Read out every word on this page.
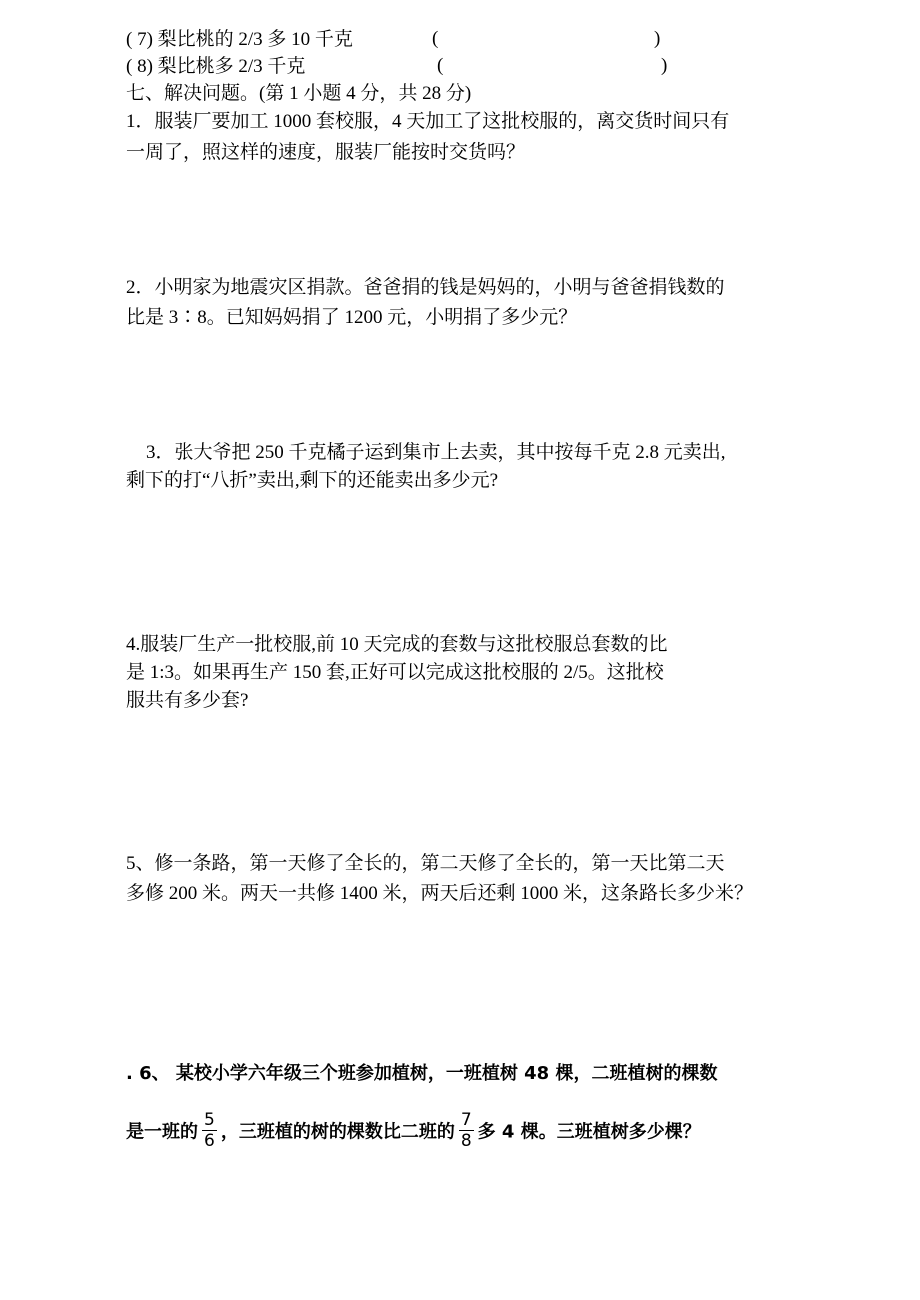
( 7) 梨比桃的 2/3 多 10 千克	(	)
( 8) 梨比桃多 2/3 千克	(	)
七、解决问题。(第 1 小题 4 分，共 28 分)
1．服装厂要加工 1000 套校服，4 天加工了这批校服的，离交货时间只有
一周了，照这样的速度，服装厂能按时交货吗？
2．小明家为地震灾区捐款。爸爸捐的钱是妈妈的，小明与爸爸捐钱数的
比是 3∶8。已知妈妈捐了 1200 元，小明捐了多少元？
3．张大爷把 250 千克橘子运到集市上去卖，其中按每千克 2.8 元卖出,
剩下的打“八折”卖出,剩下的还能卖出多少元?
4.服装厂生产一批校服,前 10 天完成的套数与这批校服总套数的比
是 1:3。如果再生产 150 套,正好可以完成这批校服的 2/5。这批校
服共有多少套?
5、修一条路，第一天修了全长的，第二天修了全长的，第一天比第二天
多修 200 米。两天一共修 1400 米，两天后还剩 1000 米，这条路长多少米？
. 6、 某校小学六年级三个班参加植树，一班植树 48 棵，二班植树的棵数
是一班的 $\frac{5}{6}$ ，三班植的树的棵数比二班的 $\frac{7}{8}$ 多 4 棵。三班植树多少棵？
